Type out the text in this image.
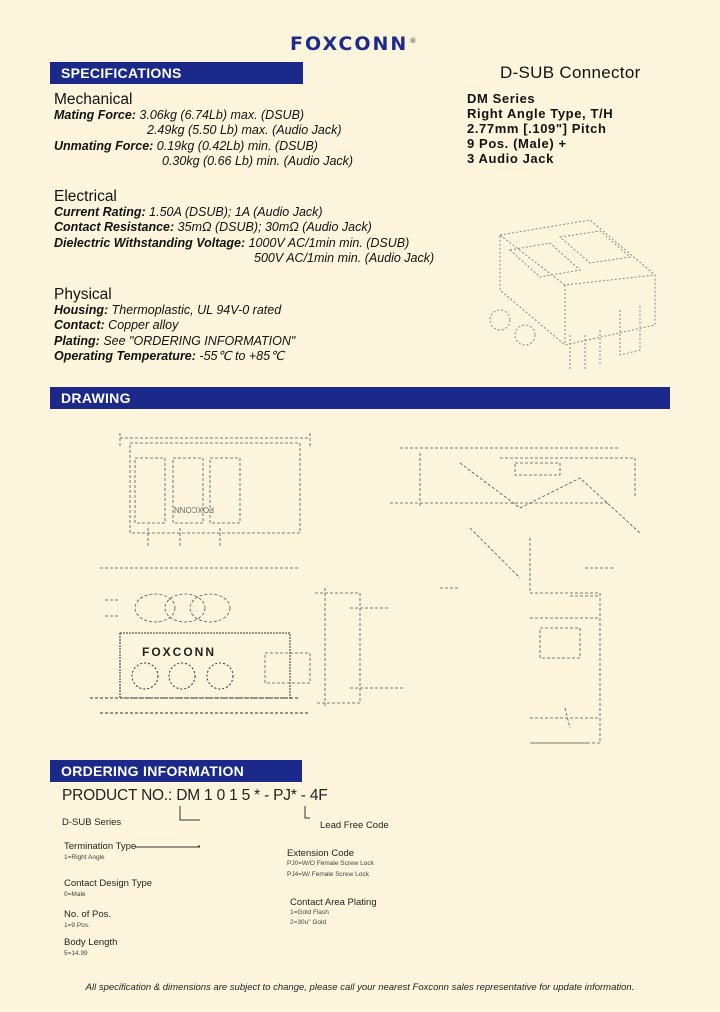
FOXCONN®
SPECIFICATIONS	D-SUB Connector
DM Series
Right Angle Type, T/H
2.77mm [.109"] Pitch
9 Pos. (Male) +
3 Audio Jack
Mechanical
Mating Force: 3.06kg (6.74Lb) max. (DSUB)
2.49kg (5.50 Lb) max. (Audio Jack)
Unmating Force: 0.19kg (0.42Lb) min. (DSUB)
0.30kg (0.66 Lb) min. (Audio Jack)
Electrical
Current Rating: 1.50A (DSUB); 1A (Audio Jack)
Contact Resistance: 35mΩ (DSUB); 30mΩ (Audio Jack)
Dielectric Withstanding Voltage: 1000V AC/1min min. (DSUB)
500V AC/1min min. (Audio Jack)
Physical
Housing: Thermoplastic, UL 94V-0 rated
Contact: Copper alloy
Plating: See "ORDERING INFORMATION"
Operating Temperature: -55℃ to +85℃
DRAWING
FOXCONN
FOXCONN
ORDERING INFORMATION
PRODUCT NO.: DM 1 0 1 5 * - PJ* - 4F
D-SUB Series	Lead Free Code
Termination Type
1=Right Angle	Extension Code
PJ0=W/O Female Screw Lock
PJ4=W/ Female Screw Lock
Contact Design Type
0=Male
Contact Area Plating
1=Gold Flash
2=30u" Gold
No. of Pos.
1=9 Pos.
Body Length
5=14.99
All specification & dimensions are subject to change, please call your nearest Foxconn sales representative for update information.
